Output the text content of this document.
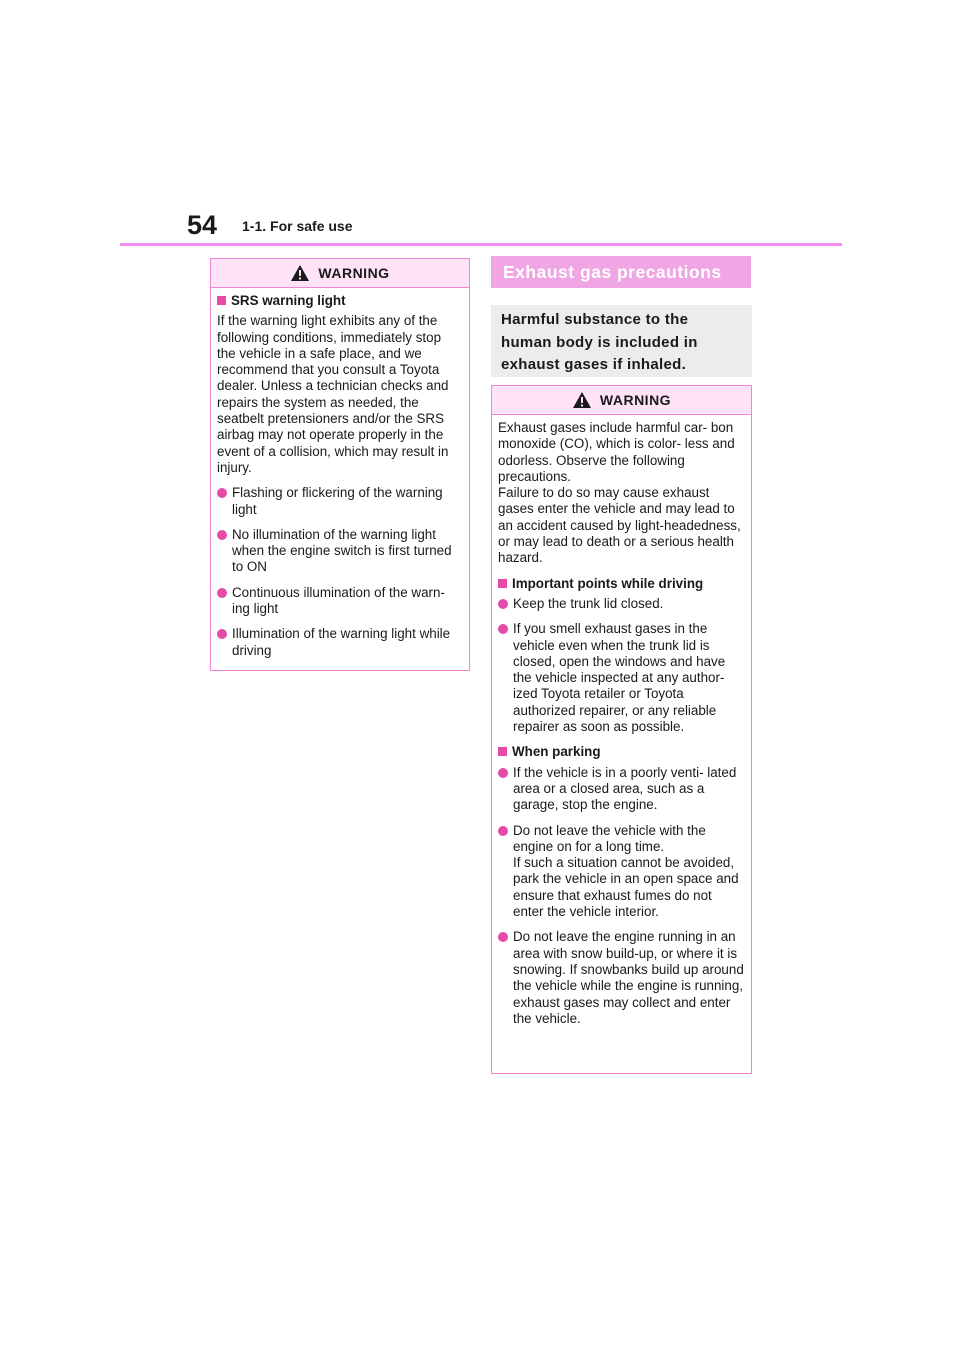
54 1-1. For safe use
WARNING

SRS warning light

If the warning light exhibits any of the following conditions, immediately stop the vehicle in a safe place, and we recommend that you consult a Toyota dealer. Unless a technician checks and repairs the system as needed, the seatbelt pretensioners and/or the SRS airbag may not operate properly in the event of a collision, which may result in injury.

Flashing or flickering of the warning light

No illumination of the warning light when the engine switch is first turned to ON

Continuous illumination of the warn- ing light

Illumination of the warning light while driving

Exhaust gas precautions
Harmful substance to the human body is included in exhaust gases if inhaled.
WARNING

Exhaust gases include harmful car- bon monoxide (CO), which is color- less and odorless. Observe the following precautions.

Failure to do so may cause exhaust gases enter the vehicle and may lead to an accident caused by light-headedness, or may lead to death or a serious health hazard.

Important points while driving

Keep the trunk lid closed.

If you smell exhaust gases in the vehicle even when the trunk lid is closed, open the windows and have the vehicle inspected at any author- ized Toyota retailer or Toyota authorized repairer, or any reliable repairer as soon as possible.

When parking

If the vehicle is in a poorly venti- lated area or a closed area, such as a garage, stop the engine.

Do not leave the vehicle with the engine on for a long time.
If such a situation cannot be avoided, park the vehicle in an open space and ensure that exhaust fumes do not enter the vehicle interior.

Do not leave the engine running in an area with snow build-up, or where it is snowing. If snowbanks build up around the vehicle while the engine is running, exhaust gases may collect and enter the vehicle.
